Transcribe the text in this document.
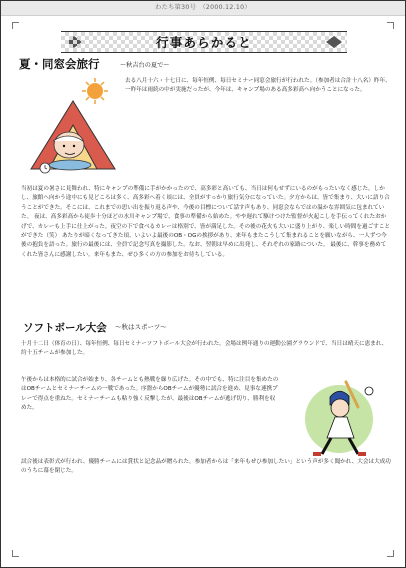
わたち第30号　（2000.12.10）
行事あらかると
夏・同窓会旅行	～秋吉台の夏で～
去る八月十六・十七日に、毎年恒例、毎日セミナー同窓会旅行が行われた。（参加者は合計十八名）昨年、一昨年は雨続の中が実施だったが、今年は、キャンプ場のある高多彩高へ向かうことになった。
当初は夏の暑さに見舞われ、特にキャンプの準備に手がかかったので、高多彩と高いても、当日は何もせずにいるのがもったいなく感じた。しかし、旅館へ向かう途中にも見どころは多く、高多彩へ着く頃には、全員がすっかり旅行気分になっていた。夕方からは、皆で集まり、大いに語り合うことができた。そこには、これまでの思い出を振り返る声や、今後の目標について話す声もあり、同窓会ならではの温かな雰囲気に包まれていた。 夜は、高多彩高から徒歩十分ほどの水川キャンプ場で、食事の準備から始めた。やや遅れて駆けつけた監督が火起こしを手伝ってくれたおかげで、カレーも上手に仕上がった。夜空の下で食べるカレーは格別で、皆が満足した。その後の花火も大いに盛り上がり、楽しい時間を過ごすことができた（笑） あたりが暗くなってきた頃、いよいよ最後のOB・OGの挨拶があり、来年もまたこうして集まれることを願いながら、一人ずつ今後の抱負を語った。旅行の最後には、全員で記念写真を撮影した。なお、翌朝は早めに出発し、それぞれの家路についた。 最後に、幹事を務めてくれた皆さんに感謝したい。来年もまた、ぜひ多くの方の参加をお待ちしている。
ソフトボール大会 ～秋はスポーツ～
十月十二日（体育の日）、毎年恒例、毎日セミナーソフトボール大会が行われた。会場は例年通りの運動公園グラウンドで、当日は晴天に恵まれ、約十五チームが参加した。
午後からは本格的に試合が始まり、各チームとも熱戦を繰り広げた。その中でも、特に注目を集めたのはOBチームとセミナーチームの一戦であった。序盤からOBチームが優勢に試合を進め、見事な連携プレーで得点を重ねた。セミナーチームも粘り強く反撃したが、最後はOBチームが逃げ切り、勝利を収めた。
試合後は表彰式が行われ、優勝チームには賞状と記念品が贈られた。参加者からは「来年もぜひ参加したい」という声が多く聞かれ、大会は大成功のうちに幕を閉じた。
